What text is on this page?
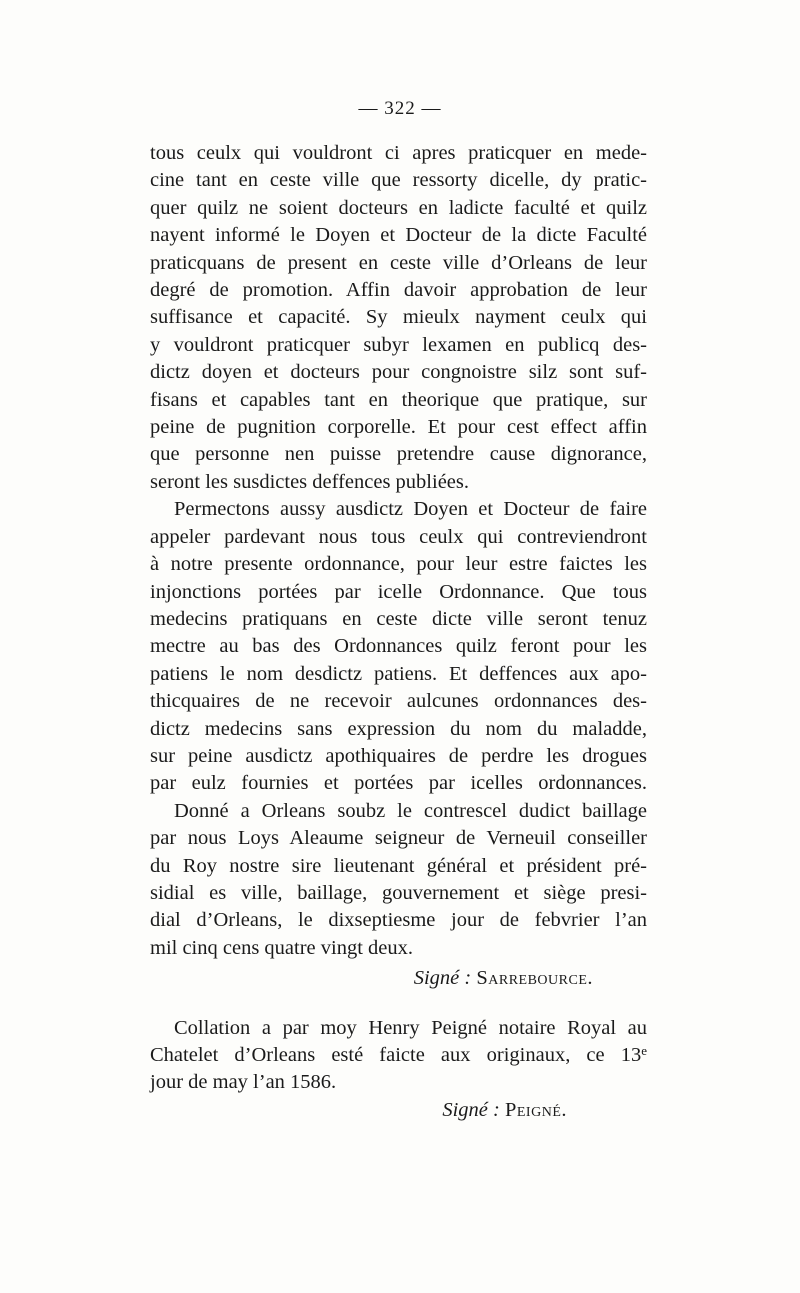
— 322 —

tous ceulx qui vouldront ci apres praticquer en mede-
cine tant en ceste ville que ressorty dicelle, dy pratic-
quer quilz ne soient docteurs en ladicte faculté et quilz
nayent informé le Doyen et Docteur de la dicte Faculté
praticquans de present en ceste ville d’Orleans de leur
degré de promotion. Affin davoir approbation de leur
suffisance et capacité. Sy mieulx nayment ceulx qui
y vouldront praticquer subyr lexamen en publicq des-
dictz doyen et docteurs pour congnoistre silz sont suf-
fisans et capables tant en theorique que pratique, sur
peine de pugnition corporelle. Et pour cest effect affin
que personne nen puisse pretendre cause dignorance,
seront les susdictes deffences publiées.

Permectons aussy ausdictz Doyen et Docteur de faire
appeler pardevant nous tous ceulx qui contreviendront
à notre presente ordonnance, pour leur estre faictes les
injonctions portées par icelle Ordonnance. Que tous
medecins pratiquans en ceste dicte ville seront tenuz
mectre au bas des Ordonnances quilz feront pour les
patiens le nom desdictz patiens. Et deffences aux apo-
thicquaires de ne recevoir aulcunes ordonnances des-
dictz medecins sans expression du nom du maladde,
sur peine ausdictz apothiquaires de perdre les drogues
par eulz fournies et portées par icelles ordonnances.

Donné a Orleans soubz le contrescel dudict baillage
par nous Loys Aleaume seigneur de Verneuil conseiller
du Roy nostre sire lieutenant général et président pré-
sidial es ville, baillage, gouvernement et siège presi-
dial d’Orleans, le dixseptiesme jour de febvrier l’an
mil cinq cens quatre vingt deux.

Signé : Sarrebource.

Collation a par moy Henry Peigné notaire Royal au
Chatelet d’Orleans esté faicte aux originaux, ce 13e
jour de may l’an 1586.

Signé : Peigné.
